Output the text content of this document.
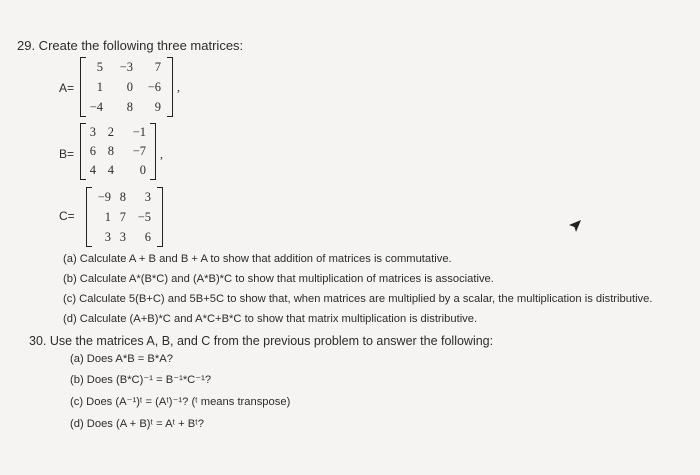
29. Create the following three matrices:
A=
5	−3	7
1	0	−6
−4	8	9
,
B=
3 2	−1
6 8	−7
4 4	0
,
C=
−9 8	3
1 7 −5
3 3	6
(a) Calculate A + B and B + A to show that addition of matrices is commutative.
(b) Calculate A*(B*C) and (A*B)*C to show that multiplication of matrices is associative.
(c) Calculate 5(B+C) and 5B+5C to show that, when matrices are multiplied by a scalar, the multiplication is distributive.
(d) Calculate (A+B)*C and A*C+B*C to show that matrix multiplication is distributive.
30. Use the matrices A, B, and C from the previous problem to answer the following:
(a) Does A*B = B*A?
(b) Does (B*C)⁻¹ = B⁻¹*C⁻¹?
(c) Does (A⁻¹)ᵗ = (Aᵗ)⁻¹? (ᵗ means transpose)
(d) Does (A + B)ᵗ = Aᵗ + Bᵗ?
